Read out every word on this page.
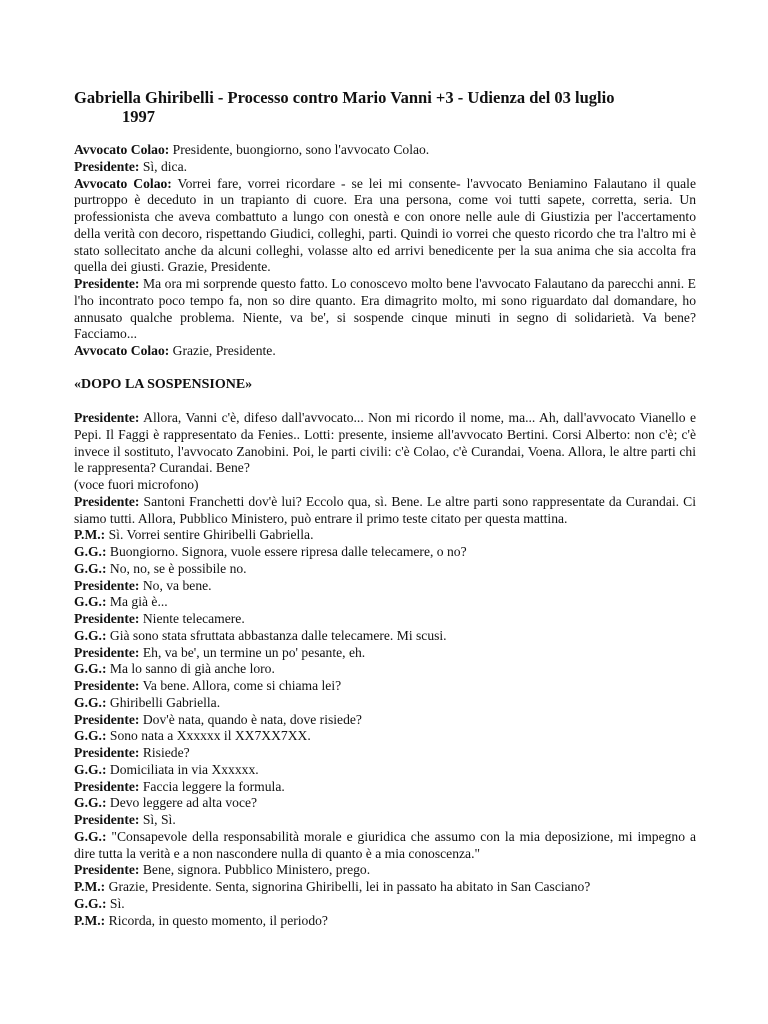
Gabriella Ghiribelli - Processo contro Mario Vanni +3 - Udienza del 03 luglio
1997

Avvocato Colao: Presidente, buongiorno, sono l'avvocato Colao.

Presidente: Sì, dica.

Avvocato Colao: Vorrei fare, vorrei ricordare - se lei mi consente- l'avvocato Beniamino Falautano il quale purtroppo è deceduto in un trapianto di cuore. Era una persona, come voi tutti sapete, corretta, seria. Un professionista che aveva combattuto a lungo con onestà e con onore nelle aule di Giustizia per l'accertamento della verità con decoro, rispettando Giudici, colleghi, parti. Quindi io vorrei che questo ricordo che tra l'altro mi è stato sollecitato anche da alcuni colleghi, volasse alto ed arrivi benedicente per la sua anima che sia accolta fra quella dei giusti. Grazie, Presidente.

Presidente: Ma ora mi sorprende questo fatto. Lo conoscevo molto bene l'avvocato Falautano da parecchi anni. E l'ho incontrato poco tempo fa, non so dire quanto. Era dimagrito molto, mi sono riguardato dal domandare, ho annusato qualche problema. Niente, va be', si sospende cinque minuti in segno di solidarietà. Va bene? Facciamo...

Avvocato Colao: Grazie, Presidente.

«DOPO LA SOSPENSIONE»

Presidente: Allora, Vanni c'è, difeso dall'avvocato... Non mi ricordo il nome, ma... Ah, dall'avvocato Vianello e Pepi. Il Faggi è rappresentato da Fenies.. Lotti: presente, insieme all'avvocato Bertini. Corsi Alberto: non c'è; c'è invece il sostituto, l'avvocato Zanobini. Poi, le parti civili: c'è Colao, c'è Curandai, Voena. Allora, le altre parti chi le rappresenta? Curandai. Bene?

(voce fuori microfono)

Presidente: Santoni Franchetti dov'è lui? Eccolo qua, sì. Bene. Le altre parti sono rappresentate da Curandai. Ci siamo tutti. Allora, Pubblico Ministero, può entrare il primo teste citato per questa mattina.

P.M.: Sì. Vorrei sentire Ghiribelli Gabriella.

G.G.: Buongiorno. Signora, vuole essere ripresa dalle telecamere, o no?

G.G.: No, no, se è possibile no.

Presidente: No, va bene.

G.G.: Ma già è...

Presidente: Niente telecamere.

G.G.: Già sono stata sfruttata abbastanza dalle telecamere. Mi scusi.

Presidente: Eh, va be', un termine un po' pesante, eh.

G.G.: Ma lo sanno di già anche loro.

Presidente: Va bene. Allora, come si chiama lei?

G.G.: Ghiribelli Gabriella.

Presidente: Dov'è nata, quando è nata, dove risiede?

G.G.: Sono nata a Xxxxxx il XX7XX7XX.

Presidente: Risiede?

G.G.: Domiciliata in via Xxxxxx.

Presidente: Faccia leggere la formula.

G.G.: Devo leggere ad alta voce?

Presidente: Sì, Sì.

G.G.: "Consapevole della responsabilità morale e giuridica che assumo con la mia deposizione, mi impegno a dire tutta la verità e a non nascondere nulla di quanto è a mia conoscenza."

Presidente: Bene, signora. Pubblico Ministero, prego.

P.M.: Grazie, Presidente. Senta, signorina Ghiribelli, lei in passato ha abitato in San Casciano?

G.G.: Sì.

P.M.: Ricorda, in questo momento, il periodo?
